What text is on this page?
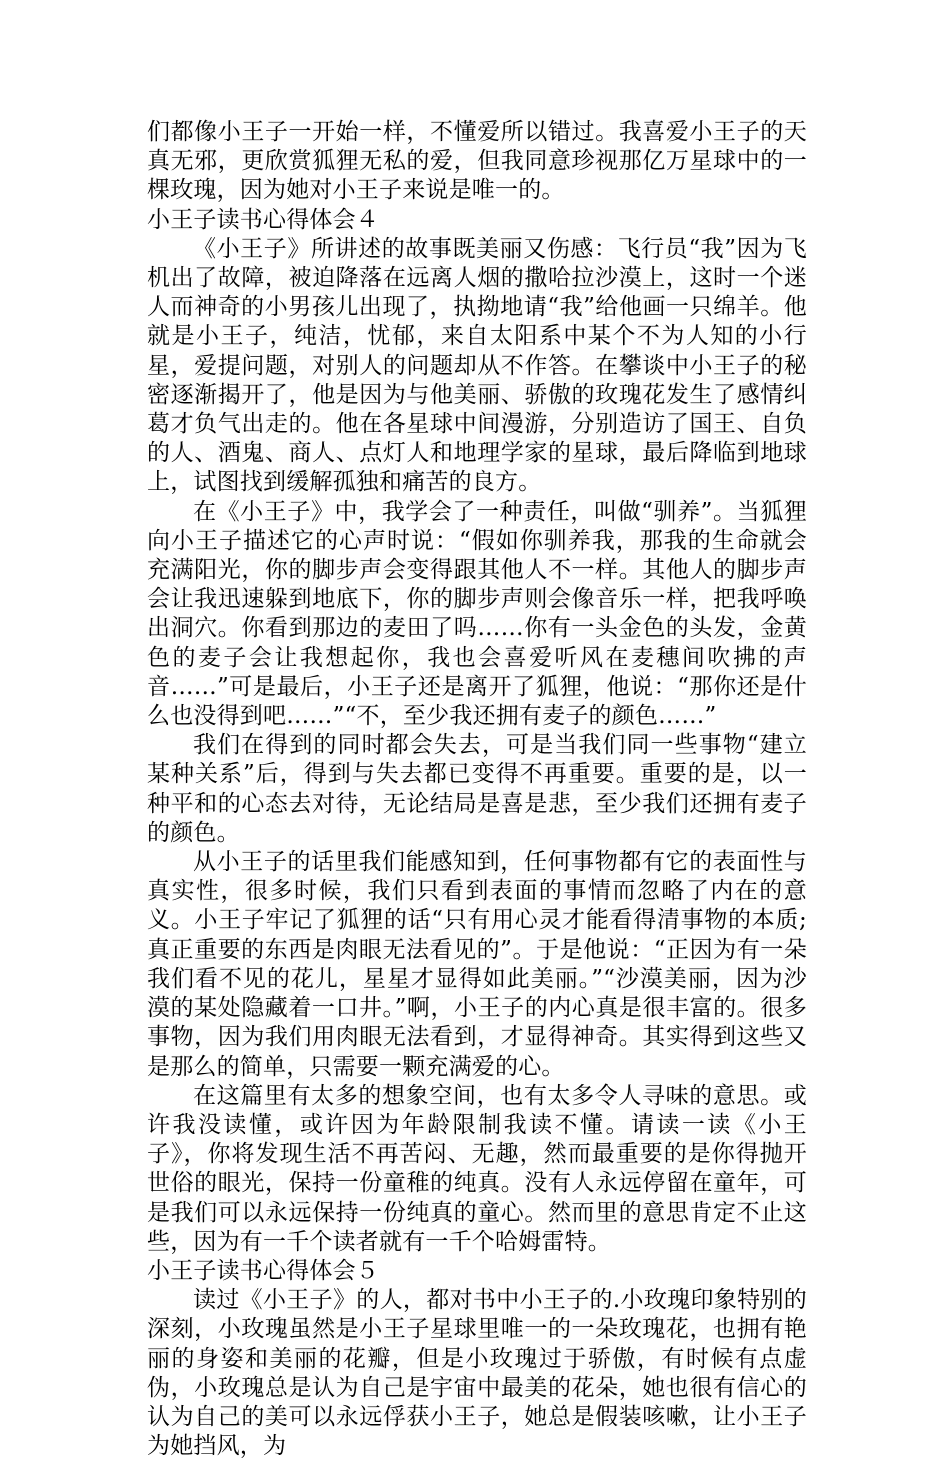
们都像小王子一开始一样，不懂爱所以错过。我喜爱小王子的天真无邪，更欣赏狐狸无私的爱，但我同意珍视那亿万星球中的一棵玫瑰，因为她对小王子来说是唯一的。

小王子读书心得体会４

《小王子》所讲述的故事既美丽又伤感：飞行员“我”因为飞机出了故障，被迫降落在远离人烟的撒哈拉沙漠上，这时一个迷人而神奇的小男孩儿出现了，执拗地请“我”给他画一只绵羊。他就是小王子，纯洁，忧郁，来自太阳系中某个不为人知的小行星，爱提问题，对别人的问题却从不作答。在攀谈中小王子的秘密逐渐揭开了，他是因为与他美丽、骄傲的玫瑰花发生了感情纠葛才负气出走的。他在各星球中间漫游，分别造访了国王、自负的人、酒鬼、商人、点灯人和地理学家的星球，最后降临到地球上，试图找到缓解孤独和痛苦的良方。

在《小王子》中，我学会了一种责任，叫做“驯养”。当狐狸向小王子描述它的心声时说：“假如你驯养我，那我的生命就会充满阳光，你的脚步声会变得跟其他人不一样。其他人的脚步声会让我迅速躲到地底下，你的脚步声则会像音乐一样，把我呼唤出洞穴。你看到那边的麦田了吗……你有一头金色的头发，金黄色的麦子会让我想起你，我也会喜爱听风在麦穗间吹拂的声音……”可是最后，小王子还是离开了狐狸，他说：“那你还是什么也没得到吧……”“不，至少我还拥有麦子的颜色……”

我们在得到的同时都会失去，可是当我们同一些事物“建立某种关系”后，得到与失去都已变得不再重要。重要的是，以一种平和的心态去对待，无论结局是喜是悲，至少我们还拥有麦子的颜色。

从小王子的话里我们能感知到，任何事物都有它的表面性与真实性，很多时候，我们只看到表面的事情而忽略了内在的意义。小王子牢记了狐狸的话“只有用心灵才能看得清事物的本质;真正重要的东西是肉眼无法看见的”。于是他说：“正因为有一朵我们看不见的花儿，星星才显得如此美丽。”“沙漠美丽，因为沙漠的某处隐藏着一口井。”啊，小王子的内心真是很丰富的。很多事物，因为我们用肉眼无法看到，才显得神奇。其实得到这些又是那么的简单，只需要一颗充满爱的心。

在这篇里有太多的想象空间，也有太多令人寻味的意思。或许我没读懂，或许因为年龄限制我读不懂。请读一读《小王子》，你将发现生活不再苦闷、无趣，然而最重要的是你得抛开世俗的眼光，保持一份童稚的纯真。没有人永远停留在童年，可是我们可以永远保持一份纯真的童心。然而里的意思肯定不止这些，因为有一千个读者就有一千个哈姆雷特。

小王子读书心得体会５

读过《小王子》的人，都对书中小王子的.小玫瑰印象特别的深刻，小玫瑰虽然是小王子星球里唯一的一朵玫瑰花，也拥有艳丽的身姿和美丽的花瓣，但是小玫瑰过于骄傲，有时候有点虚伪，小玫瑰总是认为自己是宇宙中最美的花朵，她也很有信心的认为自己的美可以永远俘获小王子，她总是假装咳嗽，让小王子为她挡风，为
